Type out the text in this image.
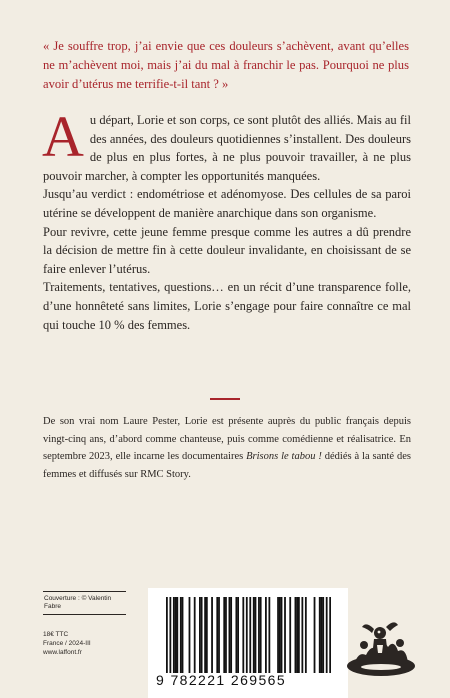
« Je souffre trop, j’ai envie que ces douleurs s’achèvent, avant qu’elles ne m’achèvent moi, mais j’ai du mal à franchir le pas. Pourquoi ne plus avoir d’utérus me terrifie-t-il tant ? »

Au départ, Lorie et son corps, ce sont plutôt des alliés. Mais au fil des années, des douleurs quotidiennes s’installent. Des douleurs de plus en plus fortes, à ne plus pouvoir travailler, à ne plus pouvoir marcher, à compter les opportunités manquées.

Jusqu’au verdict : endométriose et adénomyose. Des cellules de sa paroi utérine se développent de manière anarchique dans son organisme.

Pour revivre, cette jeune femme presque comme les autres a dû prendre la décision de mettre fin à cette douleur invalidante, en choisissant de se faire enlever l’utérus.

Traitements, tentatives, questions… en un récit d’une transparence folle, d’une honnêteté sans limites, Lorie s’engage pour faire connaître ce mal qui touche 10 % des femmes.

De son vrai nom Laure Pester, Lorie est présente auprès du public français depuis vingt-cinq ans, d’abord comme chanteuse, puis comme comédienne et réalisatrice. En septembre 2023, elle incarne les documentaires Brisons le tabou ! dédiés à la santé des femmes et diffusés sur RMC Story.
Couverture : © Valentin Fabre
18€ TTC
France / 2024-III
www.laffont.fr
9 782221 269565
